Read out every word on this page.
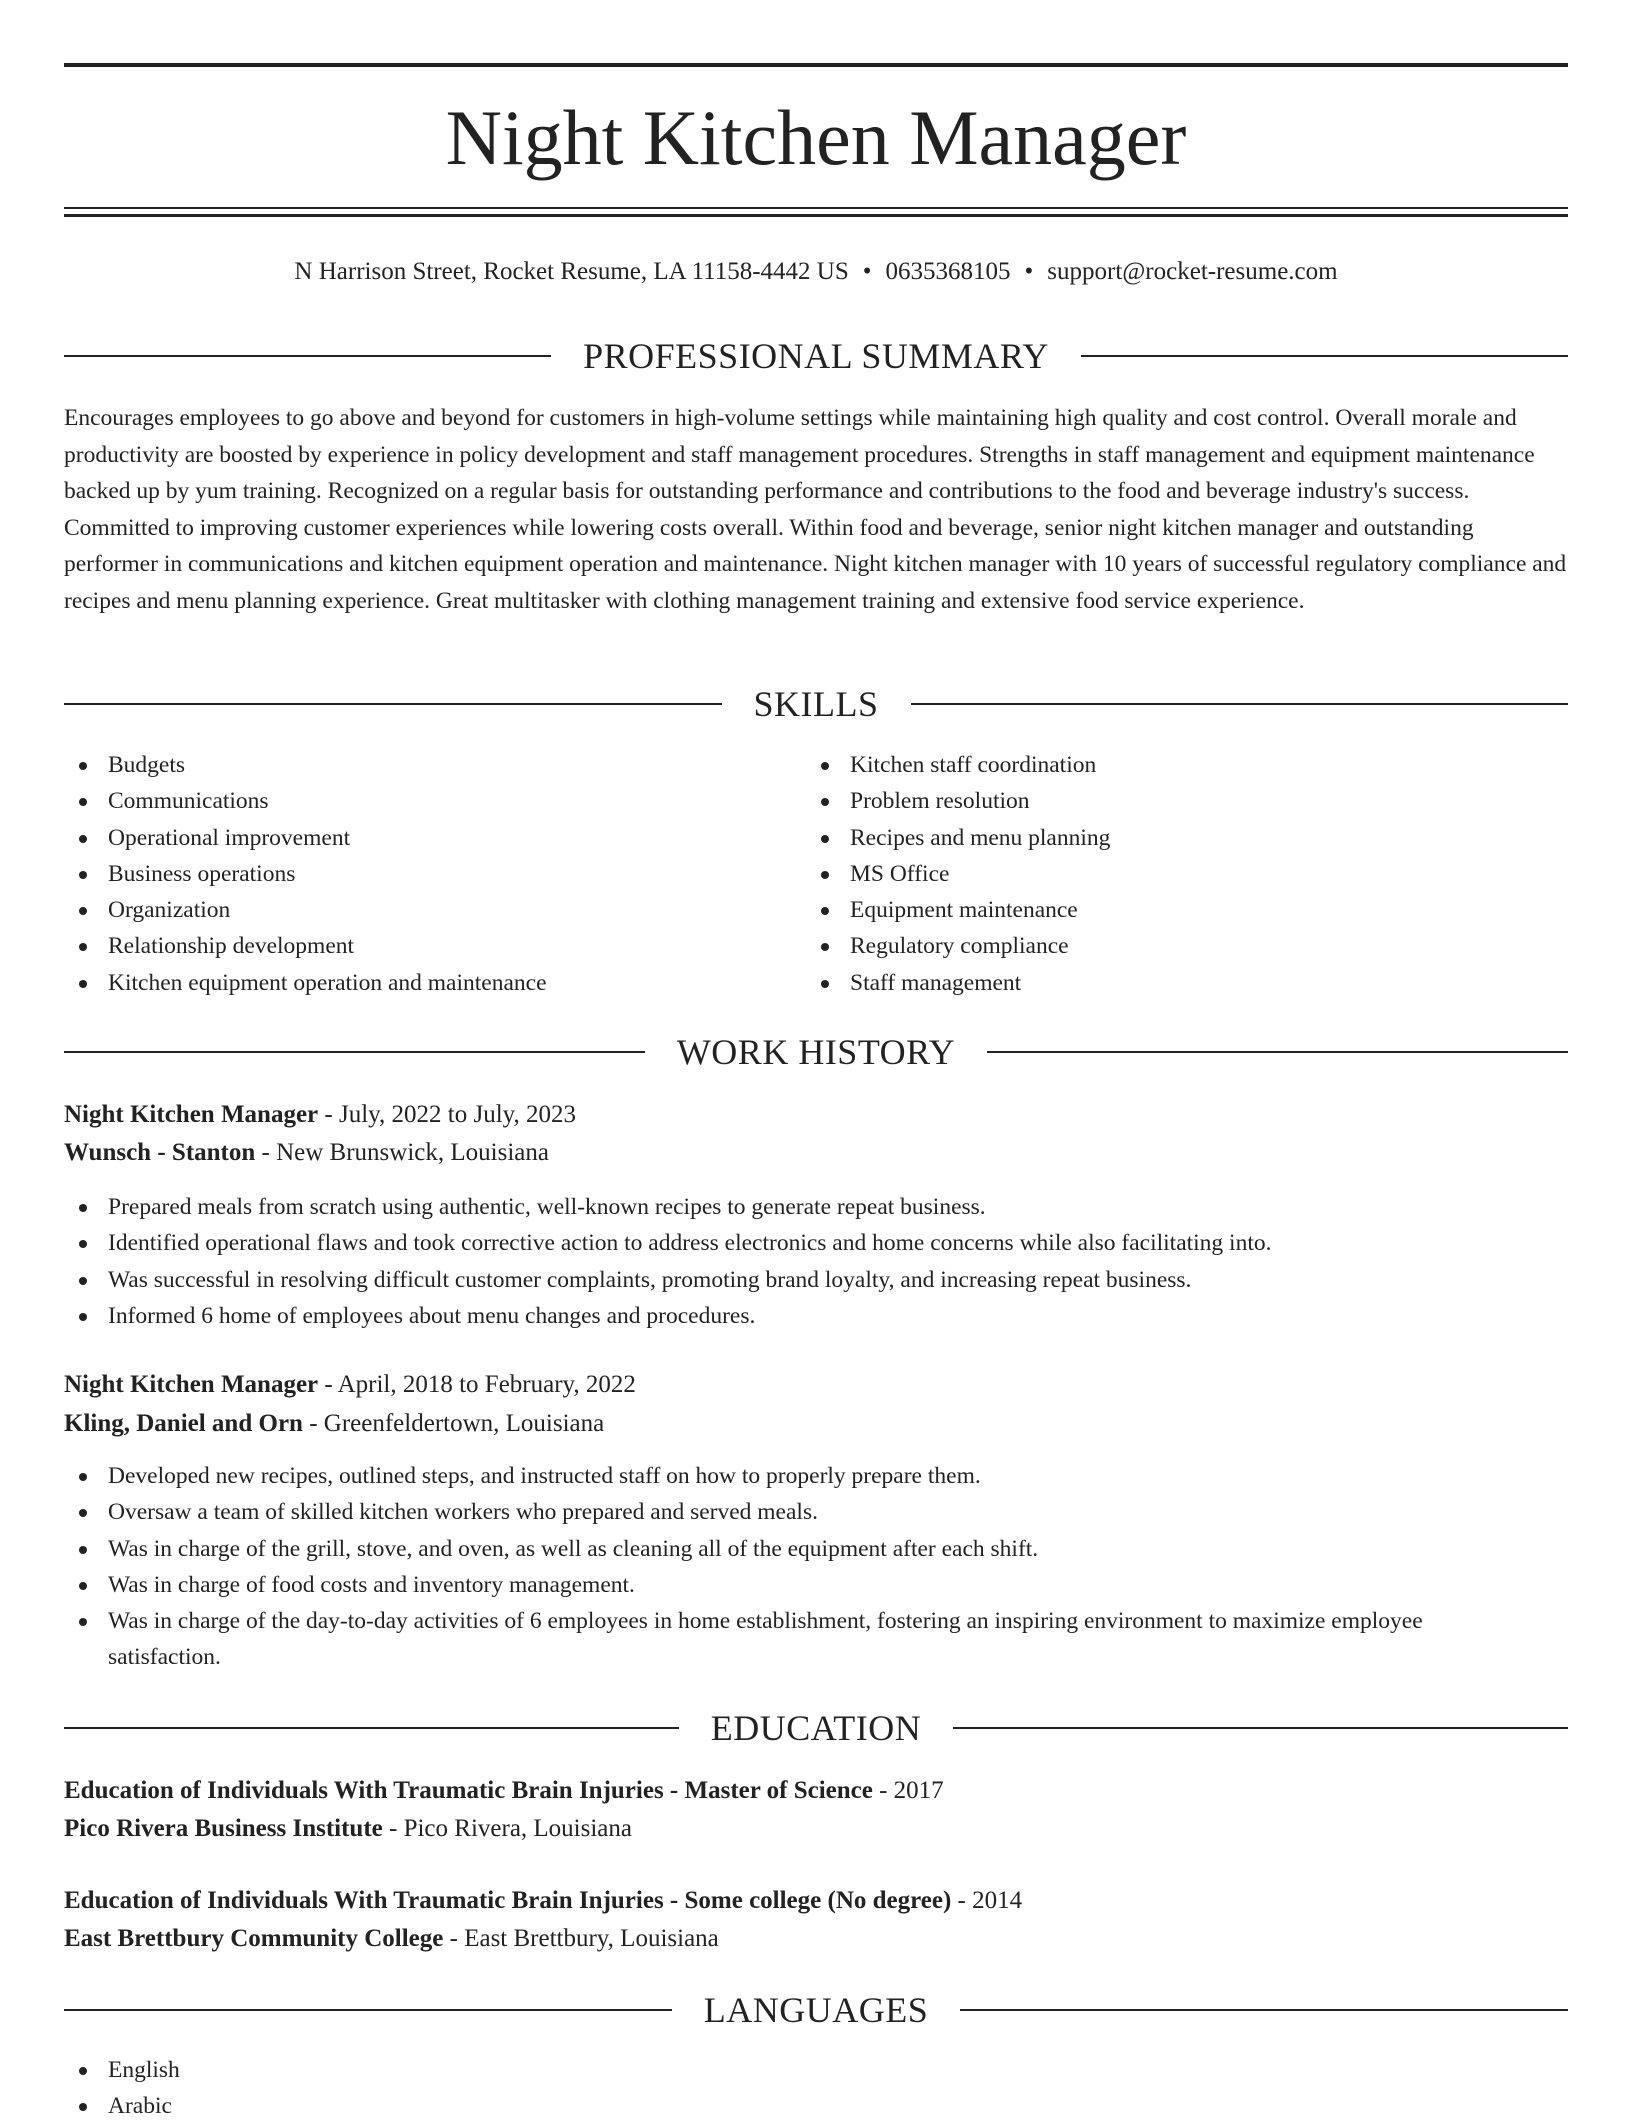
Night Kitchen Manager
N Harrison Street, Rocket Resume, LA 11158-4442 US • 0635368105 • support@rocket-resume.com
PROFESSIONAL SUMMARY

Encourages employees to go above and beyond for customers in high-volume settings while maintaining high quality and cost control. Overall morale and productivity are boosted by experience in policy development and staff management procedures. Strengths in staff management and equipment maintenance backed up by yum training. Recognized on a regular basis for outstanding performance and contributions to the food and beverage industry's success. Committed to improving customer experiences while lowering costs overall. Within food and beverage, senior night kitchen manager and outstanding performer in communications and kitchen equipment operation and maintenance. Night kitchen manager with 10 years of successful regulatory compliance and recipes and menu planning experience. Great multitasker with clothing management training and extensive food service experience.

SKILLS
Budgets
Communications
Operational improvement
Business operations
Organization
Relationship development
Kitchen equipment operation and maintenance
Kitchen staff coordination
Problem resolution
Recipes and menu planning
MS Office
Equipment maintenance
Regulatory compliance
Staff management
WORK HISTORY
Night Kitchen Manager - July, 2022 to July, 2023
Wunsch - Stanton - New Brunswick, Louisiana
Prepared meals from scratch using authentic, well-known recipes to generate repeat business.
Identified operational flaws and took corrective action to address electronics and home concerns while also facilitating into.
Was successful in resolving difficult customer complaints, promoting brand loyalty, and increasing repeat business.
Informed 6 home of employees about menu changes and procedures.
Night Kitchen Manager - April, 2018 to February, 2022
Kling, Daniel and Orn - Greenfeldertown, Louisiana
Developed new recipes, outlined steps, and instructed staff on how to properly prepare them.
Oversaw a team of skilled kitchen workers who prepared and served meals.
Was in charge of the grill, stove, and oven, as well as cleaning all of the equipment after each shift.
Was in charge of food costs and inventory management.
Was in charge of the day-to-day activities of 6 employees in home establishment, fostering an inspiring environment to maximize employee satisfaction.
EDUCATION
Education of Individuals With Traumatic Brain Injuries - Master of Science - 2017
Pico Rivera Business Institute - Pico Rivera, Louisiana
Education of Individuals With Traumatic Brain Injuries - Some college (No degree) - 2014
East Brettbury Community College - East Brettbury, Louisiana
LANGUAGES
English
Arabic
